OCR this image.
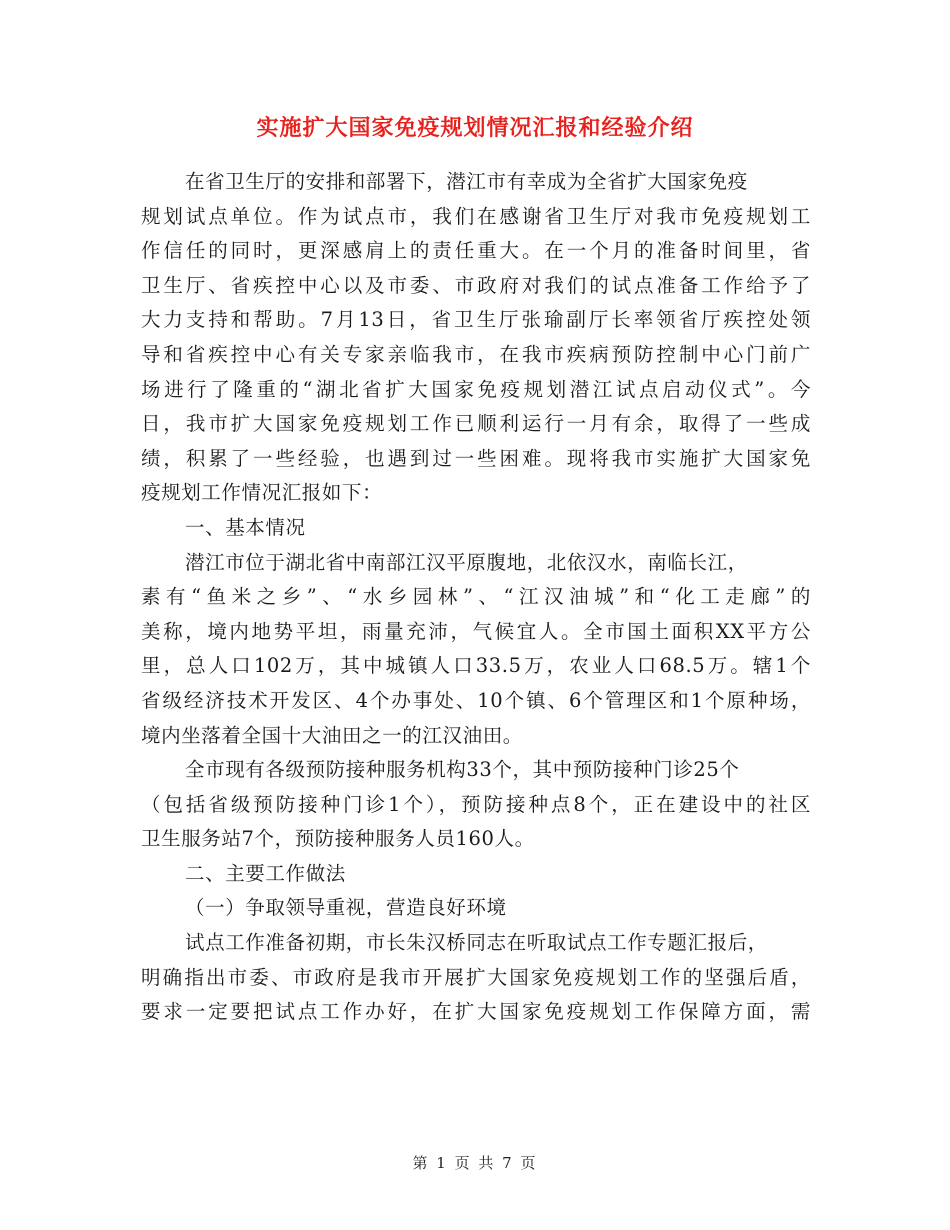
实施扩大国家免疫规划情况汇报和经验介绍
在省卫生厅的安排和部署下，潜江市有幸成为全省扩大国家免疫
规划试点单位。作为试点市，我们在感谢省卫生厅对我市免疫规划工
作信任的同时，更深感肩上的责任重大。在一个月的准备时间里，省
卫生厅、省疾控中心以及市委、市政府对我们的试点准备工作给予了
大力支持和帮助。7月13日，省卫生厅张瑜副厅长率领省厅疾控处领
导和省疾控中心有关专家亲临我市，在我市疾病预防控制中心门前广
场进行了隆重的“湖北省扩大国家免疫规划潜江试点启动仪式”。今
日，我市扩大国家免疫规划工作已顺利运行一月有余，取得了一些成
绩，积累了一些经验，也遇到过一些困难。现将我市实施扩大国家免
疫规划工作情况汇报如下：
一、基本情况
潜江市位于湖北省中南部江汉平原腹地，北依汉水，南临长江，
素有“鱼米之乡”、“水乡园林”、“江汉油城”和“化工走廊”的
美称，境内地势平坦，雨量充沛，气候宜人。全市国土面积XX平方公
里，总人口102万，其中城镇人口33.5万，农业人口68.5万。辖1个
省级经济技术开发区、4个办事处、10个镇、6个管理区和1个原种场，
境内坐落着全国十大油田之一的江汉油田。
全市现有各级预防接种服务机构33个，其中预防接种门诊25个
（包括省级预防接种门诊1个），预防接种点8个，正在建设中的社区
卫生服务站7个，预防接种服务人员160人。
二、主要工作做法
（一）争取领导重视，营造良好环境
试点工作准备初期，市长朱汉桥同志在听取试点工作专题汇报后，
明确指出市委、市政府是我市开展扩大国家免疫规划工作的坚强后盾，
要求一定要把试点工作办好，在扩大国家免疫规划工作保障方面，需
第 1 页 共 7 页
